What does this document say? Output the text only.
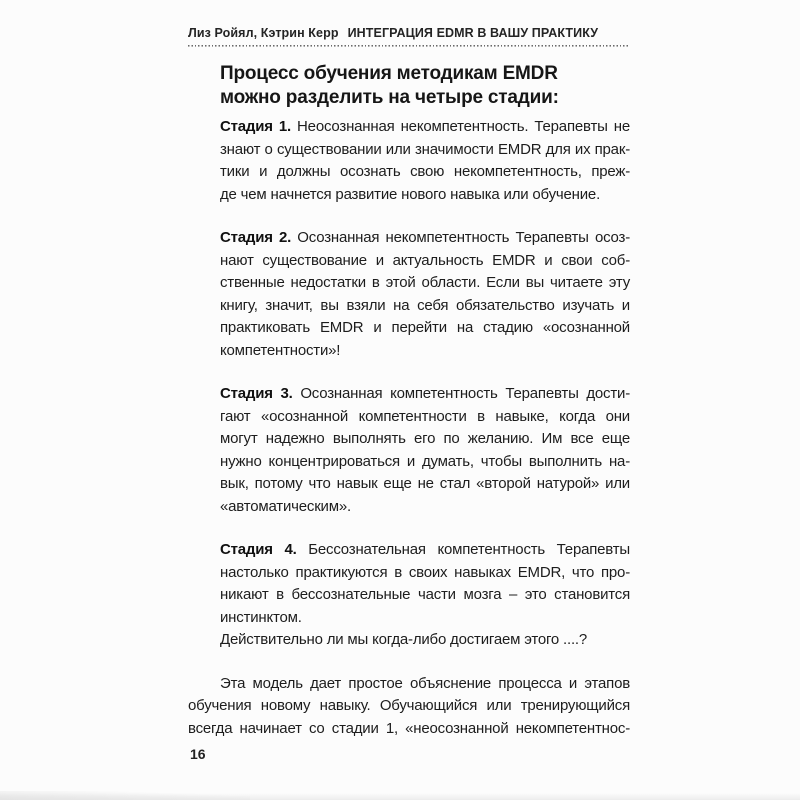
Лиз Ройял, Кэтрин Керр ИНТЕГРАЦИЯ EDMR В ВАШУ ПРАКТИКУ
Процесс обучения методикам EMDR
можно разделить на четыре стадии:
Стадия 1. Неосознанная некомпетентность. Терапевты не
знают о существовании или значимости EMDR для их прак-
тики и должны осознать свою некомпетентность, преж-
де чем начнется развитие нового навыка или обучение.
Стадия 2. Осознанная некомпетентность Терапевты осоз-
нают существование и актуальность EMDR и свои соб-
ственные недостатки в этой области. Если вы читаете эту
книгу, значит, вы взяли на себя обязательство изучать и
практиковать EMDR и перейти на стадию «осознанной
компетентности»!
Стадия 3. Осознанная компетентность Терапевты дости-
гают «осознанной компетентности в навыке, когда они
могут надежно выполнять его по желанию. Им все еще
нужно концентрироваться и думать, чтобы выполнить на-
вык, потому что навык еще не стал «второй натурой» или
«автоматическим».
Стадия 4. Бессознательная компетентность Терапевты
настолько практикуются в своих навыках EMDR, что про-
никают в бессознательные части мозга – это становится
инстинктом.
Действительно ли мы когда-либо достигаем этого ....?
Эта модель дает простое объяснение процесса и этапов
обучения новому навыку. Обучающийся или тренирующийся
всегда начинает со стадии 1, «неосознанной некомпетентнос-
16
